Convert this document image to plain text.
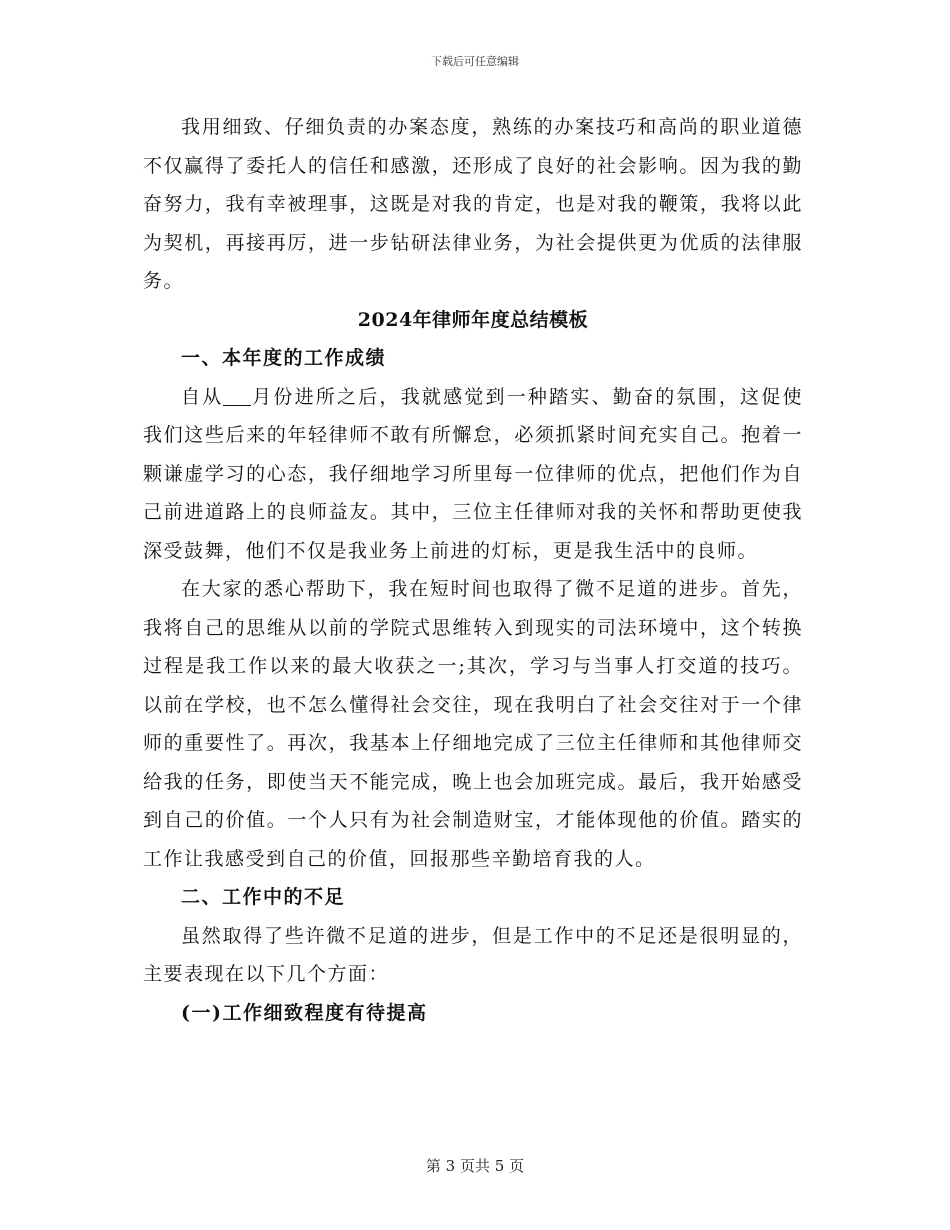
下载后可任意编辑

我用细致、仔细负责的办案态度，熟练的办案技巧和高尚的职业道德不仅赢得了委托人的信任和感激，还形成了良好的社会影响。因为我的勤奋努力，我有幸被理事，这既是对我的肯定，也是对我的鞭策，我将以此为契机，再接再厉，进一步钻研法律业务，为社会提供更为优质的法律服务。

2024年律师年度总结模板
一、本年度的工作成绩

自从 月份进所之后，我就感觉到一种踏实、勤奋的氛围，这促使我们这些后来的年轻律师不敢有所懈怠，必须抓紧时间充实自己。抱着一颗谦虚学习的心态，我仔细地学习所里每一位律师的优点，把他们作为自己前进道路上的良师益友。其中，三位主任律师对我的关怀和帮助更使我深受鼓舞，他们不仅是我业务上前进的灯标，更是我生活中的良师。

在大家的悉心帮助下，我在短时间也取得了微不足道的进步。首先，我将自己的思维从以前的学院式思维转入到现实的司法环境中，这个转换过程是我工作以来的最大收获之一;其次，学习与当事人打交道的技巧。以前在学校，也不怎么懂得社会交往，现在我明白了社会交往对于一个律师的重要性了。再次，我基本上仔细地完成了三位主任律师和其他律师交给我的任务，即使当天不能完成，晚上也会加班完成。最后，我开始感受到自己的价值。一个人只有为社会制造财宝，才能体现他的价值。踏实的工作让我感受到自己的价值，回报那些辛勤培育我的人。

二、工作中的不足

虽然取得了些许微不足道的进步，但是工作中的不足还是很明显的，主要表现在以下几个方面：

(一)工作细致程度有待提高
第 3 页共 5 页
